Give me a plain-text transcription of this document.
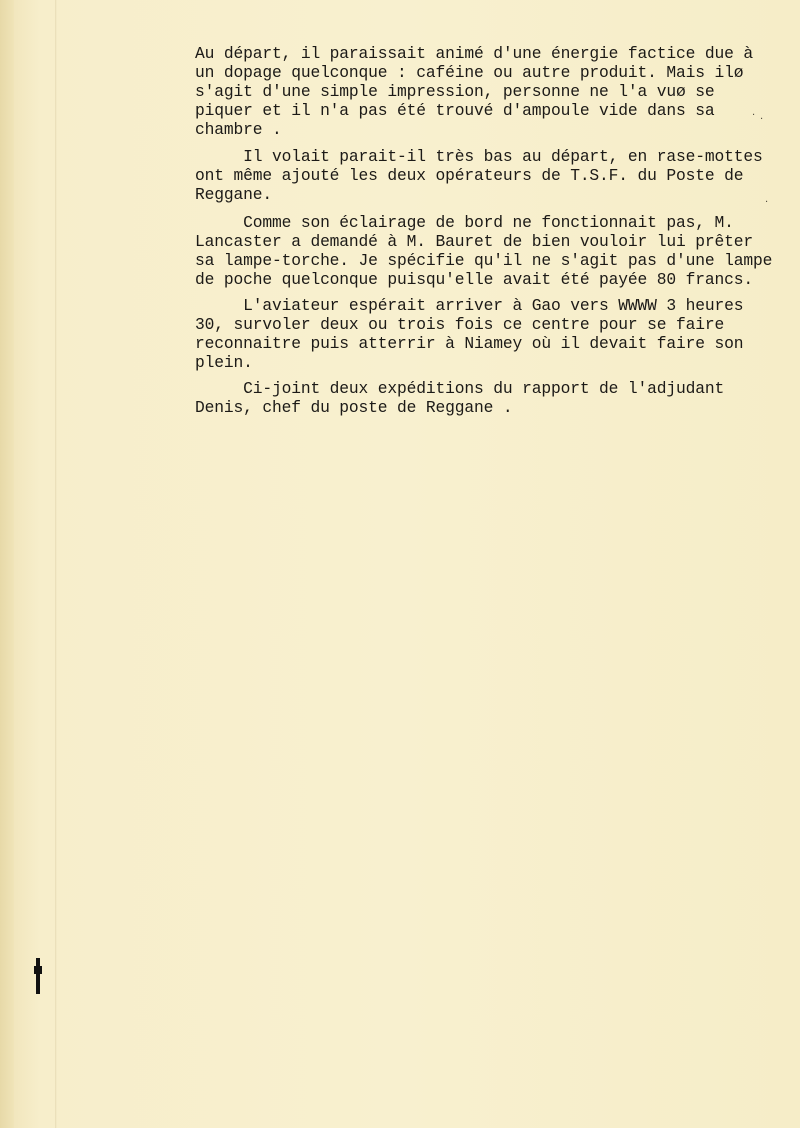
Au départ, il paraissait animé d'une énergie factice due à
un dopage quelconque : caféine ou autre produit. Mais ilø
s'agit d'une simple impression, personne ne l'a vuø se
piquer et il n'a pas été trouvé d'ampoule vide dans sa
chambre .

Il volait parait-il très bas au départ, en rase-mottes
ont même ajouté les deux opérateurs de T.S.F. du Poste de
Reggane.

Comme son éclairage de bord ne fonctionnait pas, M.
Lancaster a demandé à M. Bauret de bien vouloir lui prêter
sa lampe-torche. Je spécifie qu'il ne s'agit pas d'une lampe
de poche quelconque puisqu'elle avait été payée 80 francs.

L'aviateur espérait arriver à Gao vers WWWW 3 heures
30, survoler deux ou trois fois ce centre pour se faire
reconnaitre puis atterrir à Niamey où il devait faire son
plein.

Ci-joint deux expéditions du rapport de l'adjudant
Denis, chef du poste de Reggane .

· ·
·
